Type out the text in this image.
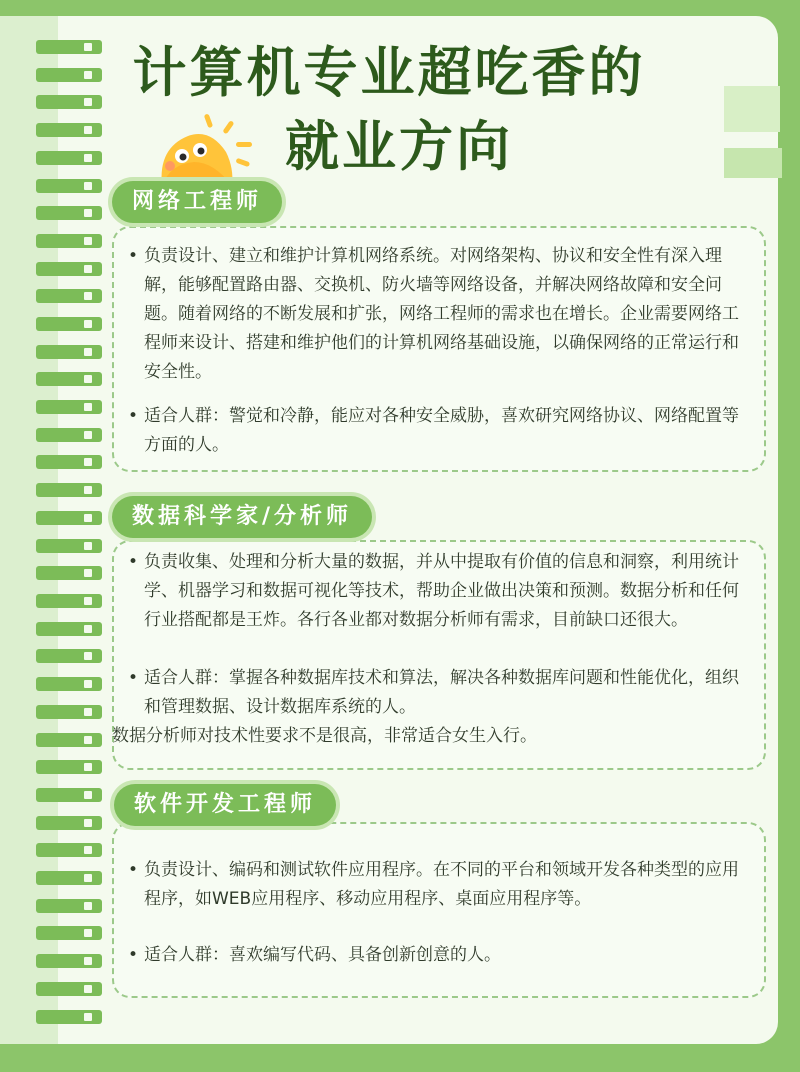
计算机专业超吃香的
就业方向
网络工程师

• 负责设计、建立和维护计算机网络系统。对网络架构、协议和安全性有深入理解，能够配置路由器、交换机、防火墙等网络设备，并解决网络故障和安全问题。随着网络的不断发展和扩张，网络工程师的需求也在增长。企业需要网络工程师来设计、搭建和维护他们的计算机网络基础设施，以确保网络的正常运行和安全性。

• 适合人群：警觉和冷静，能应对各种安全威胁，喜欢研究网络协议、网络配置等方面的人。

数据科学家/分析师

• 负责收集、处理和分析大量的数据，并从中提取有价值的信息和洞察，利用统计学、机器学习和数据可视化等技术，帮助企业做出决策和预测。数据分析和任何行业搭配都是王炸。各行各业都对数据分析师有需求，目前缺口还很大。

• 适合人群：掌握各种数据库技术和算法，解决各种数据库问题和性能优化，组织和管理数据、设计数据库系统的人。

数据分析师对技术性要求不是很高，非常适合女生入行。
软件开发工程师

• 负责设计、编码和测试软件应用程序。在不同的平台和领域开发各种类型的应用程序，如WEB应用程序、移动应用程序、桌面应用程序等。

• 适合人群：喜欢编写代码、具备创新创意的人。
